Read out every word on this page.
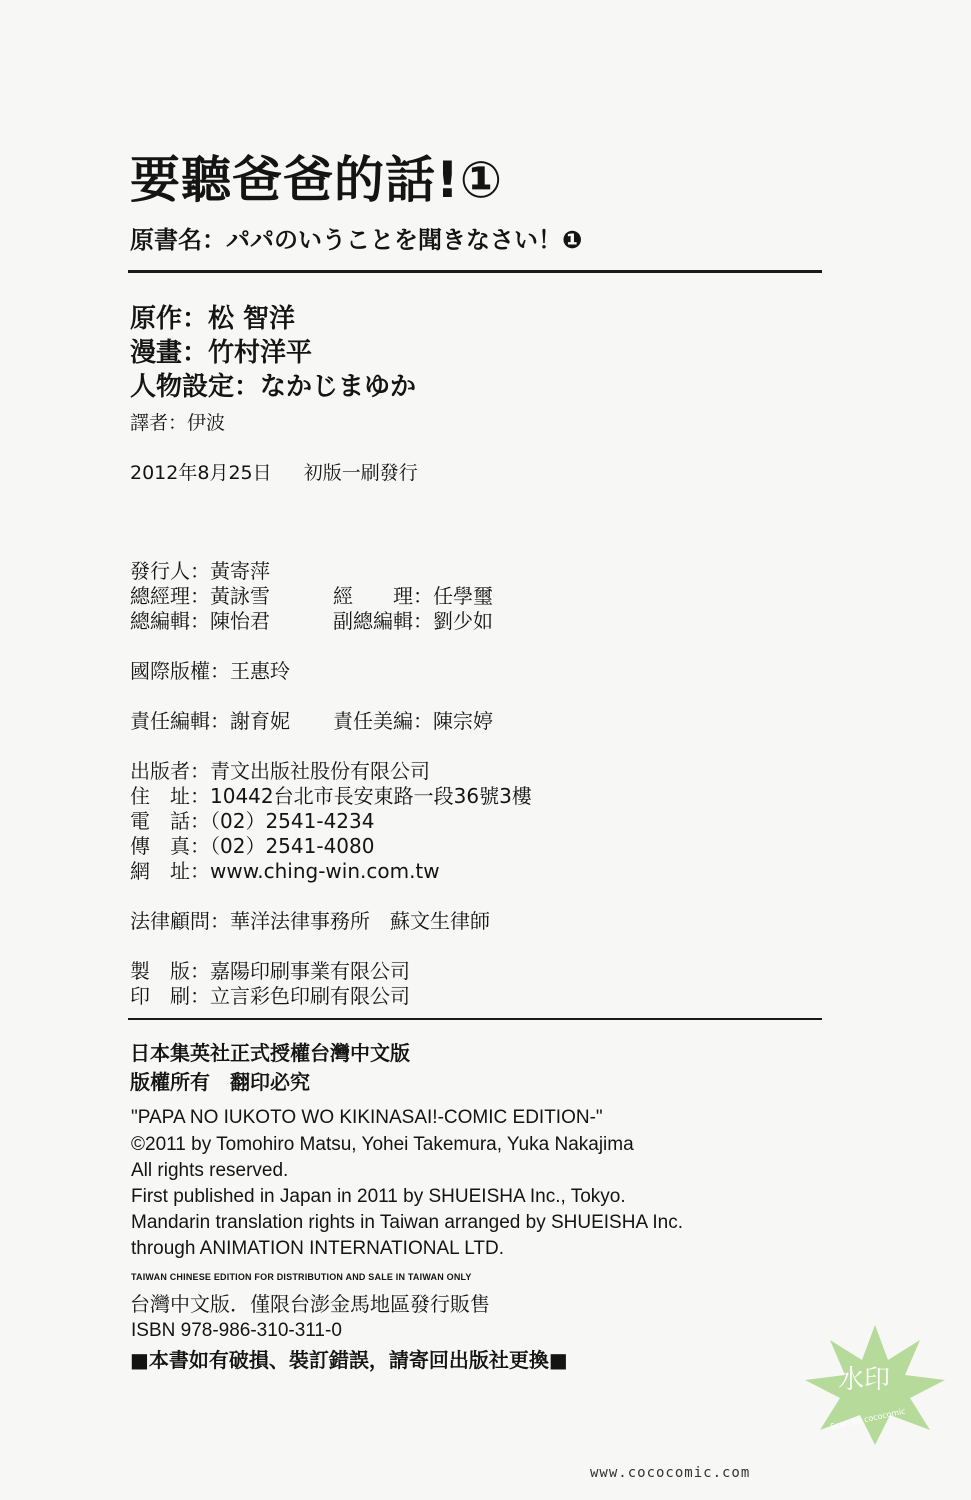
要聽爸爸的話!①
原書名：パパのいうことを聞きなさい！❶
原作：松 智洋
漫畫：竹村洋平
人物設定：なかじまゆか
譯者：伊波
2012年8月25日 初版一刷發行
發行人：黃寄萍
總經理：黃詠雪	經　　理：任學璽
總編輯：陳怡君	副總編輯：劉少如
國際版權：王惠玲
責任編輯：謝育妮 責任美編：陳宗婷
出版者：青文出版社股份有限公司
住　址：10442台北市長安東路一段36號3樓
電　話：（02）2541-4234
傳　真：（02）2541-4080
網　址：www.ching-win.com.tw
法律顧問：華洋法律事務所　蘇文生律師
製　版：嘉陽印刷事業有限公司
印　刷：立言彩色印刷有限公司
日本集英社正式授權台灣中文版
版權所有　翻印必究
"PAPA NO IUKOTO WO KIKINASAI!-COMIC EDITION-"
©2011 by Tomohiro Matsu, Yohei Takemura, Yuka Nakajima
All rights reserved.
First published in Japan in 2011 by SHUEISHA Inc., Tokyo.
Mandarin translation rights in Taiwan arranged by SHUEISHA Inc.
through ANIMATION INTERNATIONAL LTD.
TAIWAN CHINESE EDITION FOR DISTRIBUTION AND SALE IN TAIWAN ONLY
台灣中文版．僅限台澎金馬地區發行販售
ISBN 978-986-310-311-0
■本書如有破損、裝訂錯誤，請寄回出版社更換■
水印
Scan by cococomic
www.cococomic.com
